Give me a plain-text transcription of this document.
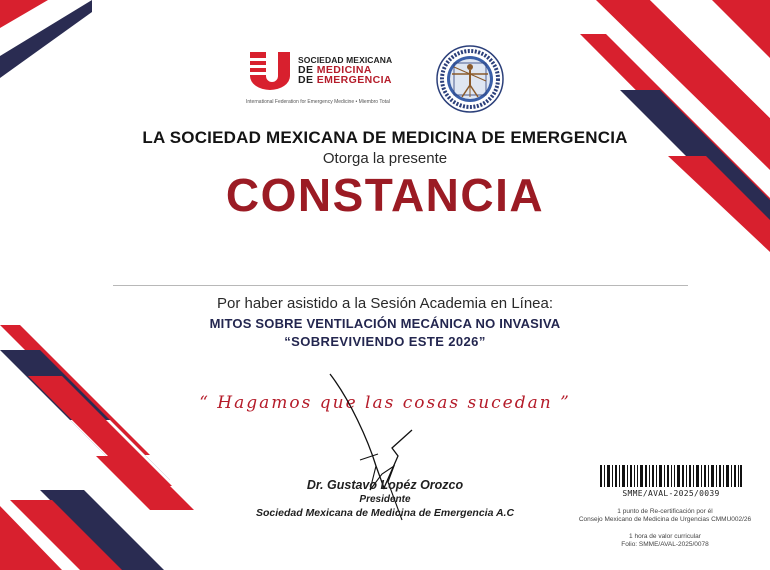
SOCIEDAD MEXICANA
DE MEDICINA
DE EMERGENCIA
International Federation for Emergency Medicine • Miembro Total
LA SOCIEDAD MEXICANA DE MEDICINA DE EMERGENCIA
Otorga la presente
CONSTANCIA
Por haber asistido a la Sesión Academia en Línea:
MITOS SOBRE VENTILACIÓN MECÁNICA NO INVASIVA
“SOBREVIVIENDO ESTE 2026”
“ Hagamos que las cosas sucedan ”
Dr. Gustavo Lopéz Orozco
Presidente
Sociedad Mexicana de Medicina de Emergencia A.C
SMME/AVAL-2025/0039
1 punto de Re-certificación por él
Consejo Mexicano de Medicina de Urgencias CMMU002/26
1 hora de valor curricular
Folio: SMME/AVAL-2025/0078
